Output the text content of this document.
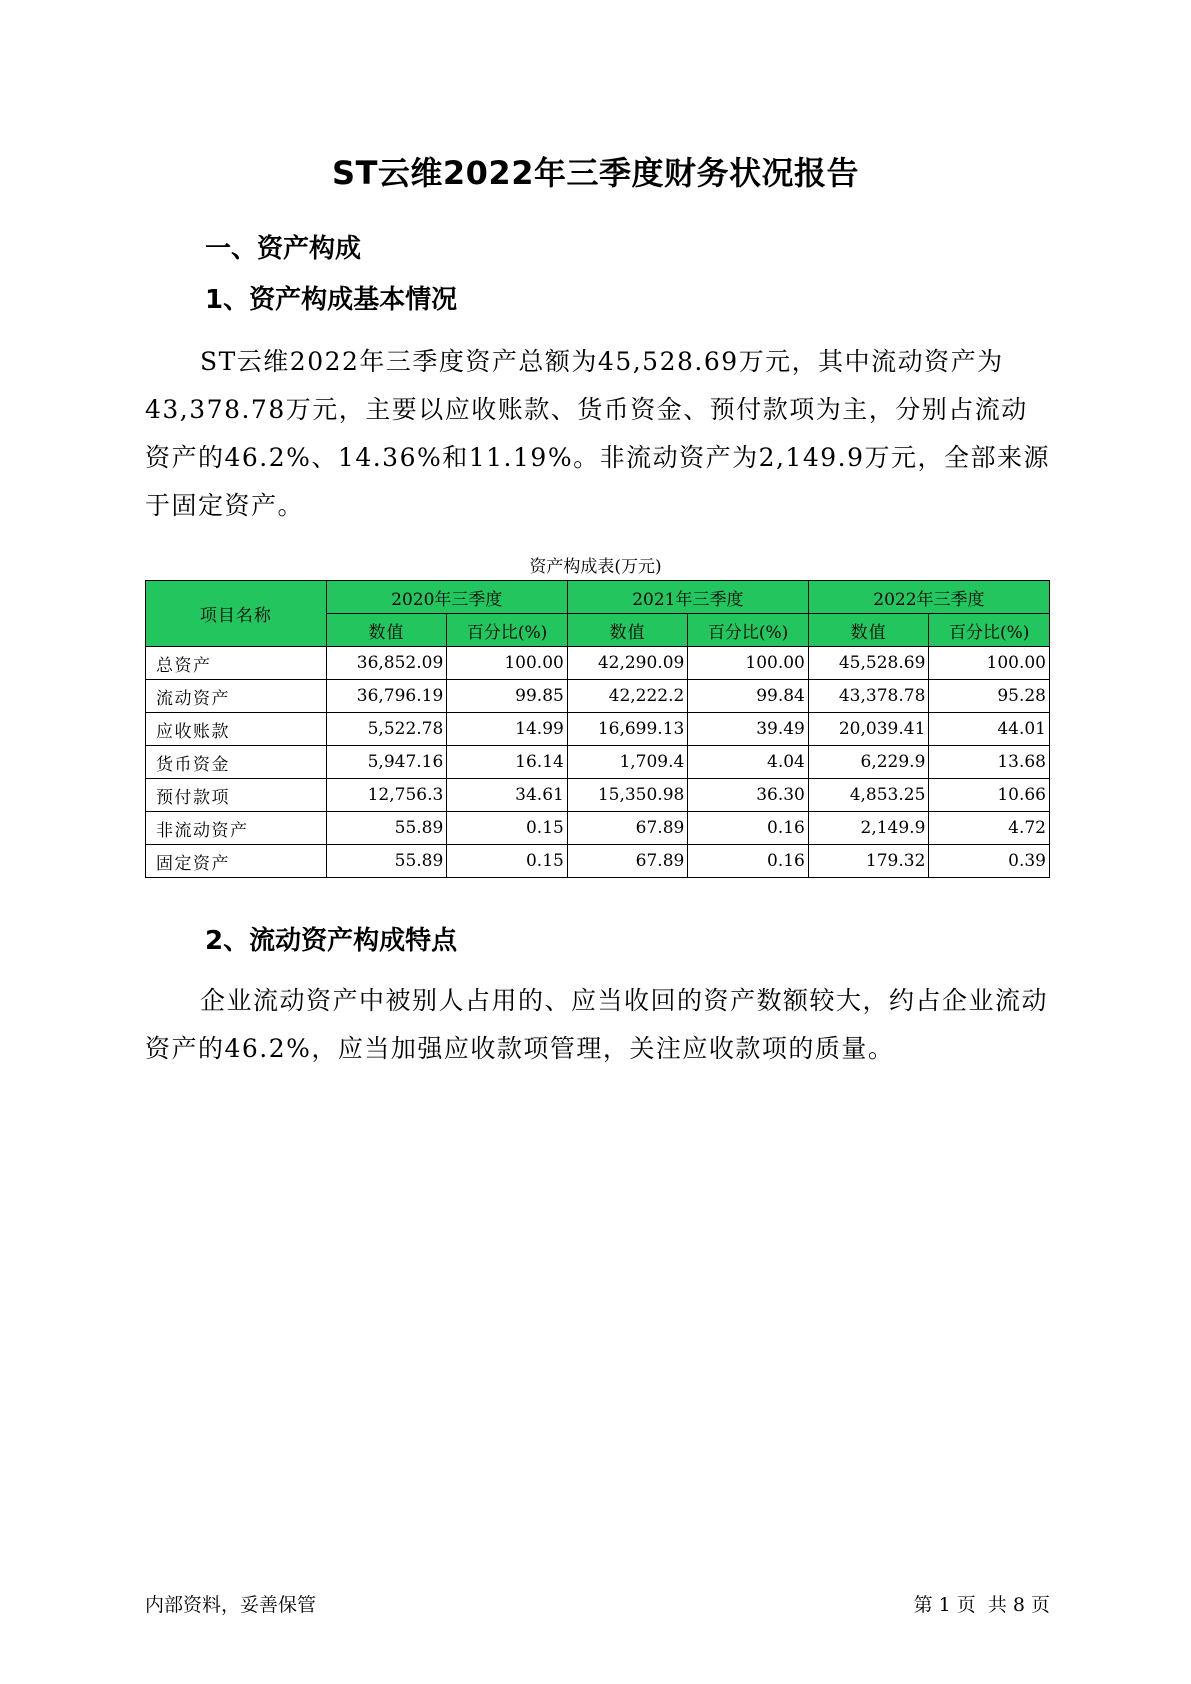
ST云维2022年三季度财务状况报告
一、资产构成
1、资产构成基本情况

ST云维2022年三季度资产总额为45,528.69万元，其中流动资产为43,378.78万元，主要以应收账款、货币资金、预付款项为主，分别占流动资产的46.2%、14.36%和11.19%。非流动资产为2,149.9万元，全部来源于固定资产。

资产构成表(万元)
项目名称	2020年三季度		2021年三季度		2022年三季度	
	数值	百分比(%)	数值	百分比(%)	数值	百分比(%)
总资产	36,852.09	100.00	42,290.09	100.00	45,528.69	100.00
流动资产	36,796.19	99.85	42,222.2	99.84	43,378.78	95.28
应收账款	5,522.78	14.99	16,699.13	39.49	20,039.41	44.01
货币资金	5,947.16	16.14	1,709.4	4.04	6,229.9	13.68
预付款项	12,756.3	34.61	15,350.98	36.30	4,853.25	10.66
非流动资产	55.89	0.15	67.89	0.16	2,149.9	4.72
固定资产	55.89	0.15	67.89	0.16	179.32	0.39
2、流动资产构成特点

企业流动资产中被别人占用的、应当收回的资产数额较大，约占企业流动资产的46.2%，应当加强应收款项管理，关注应收款项的质量。

内部资料，妥善保管	第 1 页  共 8 页
